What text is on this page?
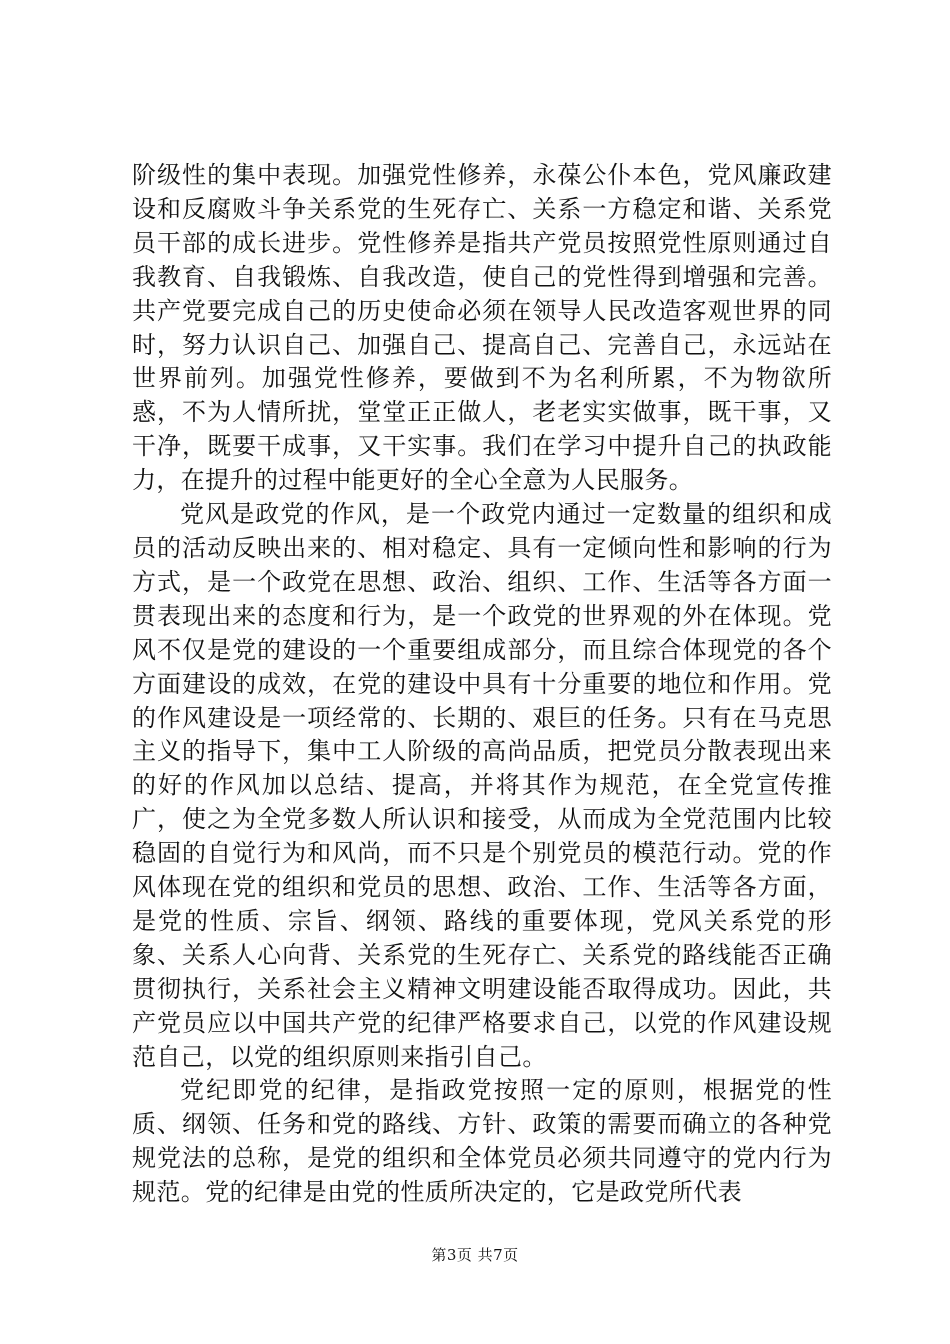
阶级性的集中表现。加强党性修养，永葆公仆本色，党风廉政建设和反腐败斗争关系党的生死存亡、关系一方稳定和谐、关系党员干部的成长进步。党性修养是指共产党员按照党性原则通过自我教育、自我锻炼、自我改造，使自己的党性得到增强和完善。共产党要完成自己的历史使命必须在领导人民改造客观世界的同时，努力认识自己、加强自己、提高自己、完善自己，永远站在世界前列。加强党性修养，要做到不为名利所累，不为物欲所惑，不为人情所扰，堂堂正正做人，老老实实做事，既干事，又干净，既要干成事，又干实事。我们在学习中提升自己的执政能力，在提升的过程中能更好的全心全意为人民服务。

党风是政党的作风，是一个政党内通过一定数量的组织和成员的活动反映出来的、相对稳定、具有一定倾向性和影响的行为方式，是一个政党在思想、政治、组织、工作、生活等各方面一贯表现出来的态度和行为，是一个政党的世界观的外在体现。党风不仅是党的建设的一个重要组成部分，而且综合体现党的各个方面建设的成效，在党的建设中具有十分重要的地位和作用。党的作风建设是一项经常的、长期的、艰巨的任务。只有在马克思主义的指导下，集中工人阶级的高尚品质，把党员分散表现出来的好的作风加以总结、提高，并将其作为规范，在全党宣传推广，使之为全党多数人所认识和接受，从而成为全党范围内比较稳固的自觉行为和风尚，而不只是个别党员的模范行动。党的作风体现在党的组织和党员的思想、政治、工作、生活等各方面，是党的性质、宗旨、纲领、路线的重要体现，党风关系党的形象、关系人心向背、关系党的生死存亡、关系党的路线能否正确贯彻执行，关系社会主义精神文明建设能否取得成功。因此，共产党员应以中国共产党的纪律严格要求自己，以党的作风建设规范自己，以党的组织原则来指引自己。

党纪即党的纪律，是指政党按照一定的原则，根据党的性质、纲领、任务和党的路线、方针、政策的需要而确立的各种党规党法的总称，是党的组织和全体党员必须共同遵守的党内行为规范。党的纪律是由党的性质所决定的，它是政党所代表

第3页 共7页
